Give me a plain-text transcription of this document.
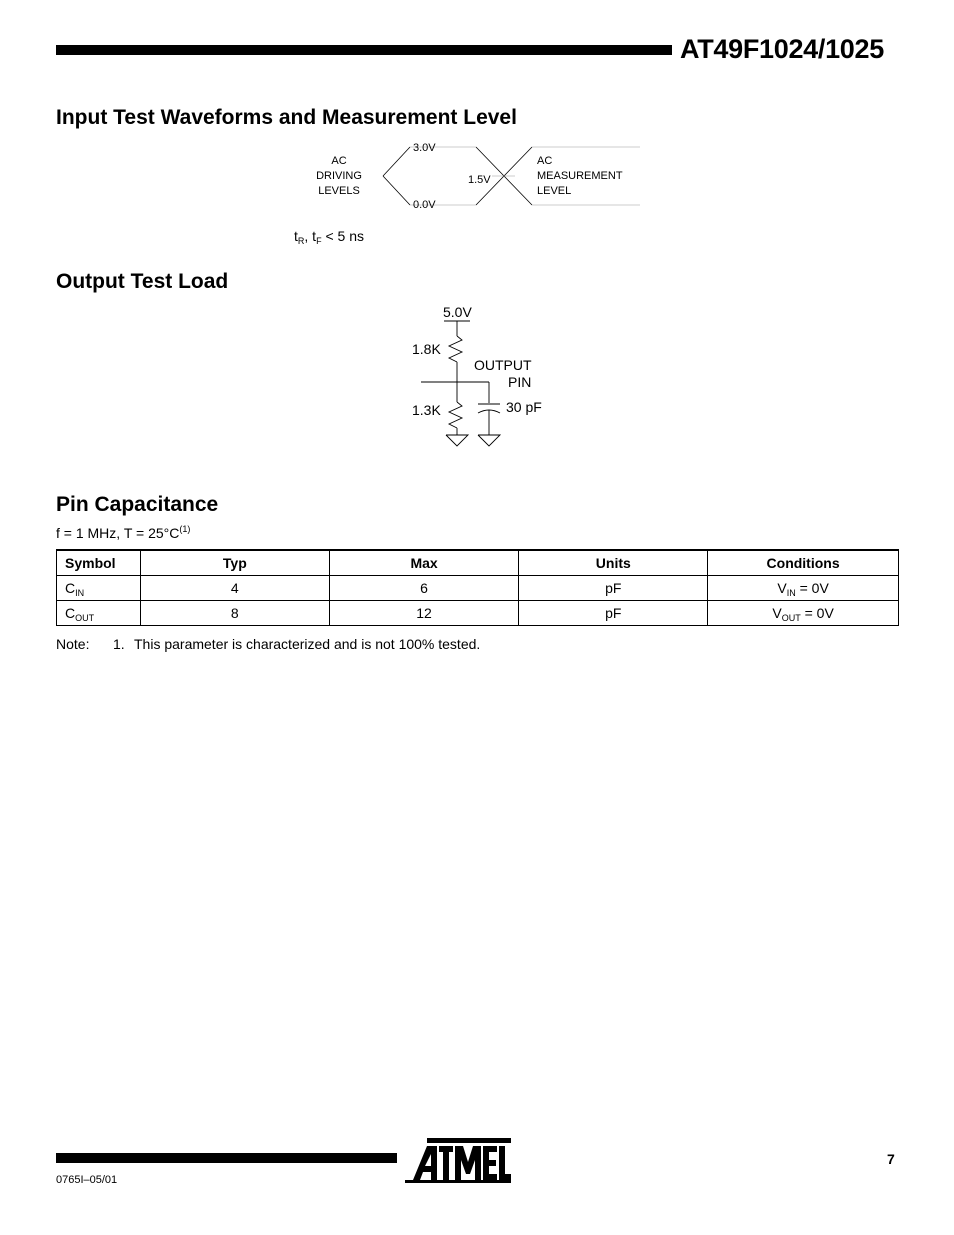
AT49F1024/1025
Input Test Waveforms and Measurement Level
AC
DRIVING
LEVELS
3.0V
0.0V
1.5V
AC
MEASUREMENT
LEVEL
$t_R$, $t_F < 5$ ns
Output Test Load
5.0V
1.8K
OUTPUT
PIN
1.3K	30 pF
Pin Capacitance
f = 1 MHz, $T = 25^\circ C^{(1)}$
Symbol	Typ	Max	Units	Conditions
$C_{IN}$	4	6	pF	$V_{IN} = 0V$
$C_{OUT}$	8	12	pF	$V_{OUT} = 0V$
Note: 1. This parameter is characterized and is not 100% tested.
7
0765I–05/01
